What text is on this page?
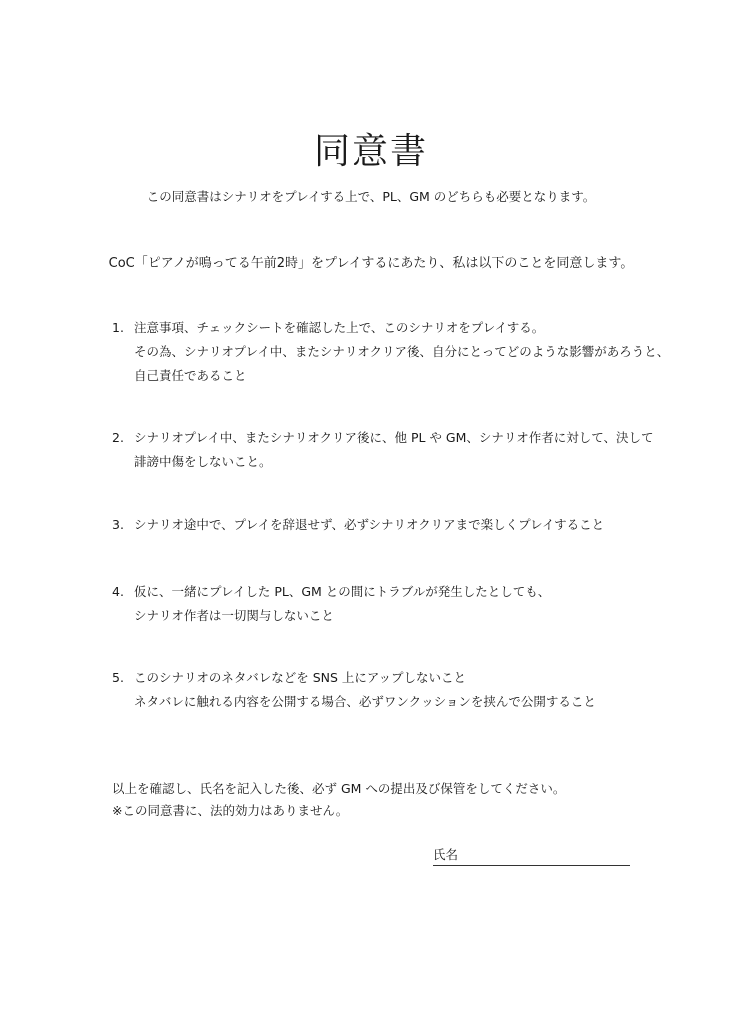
同意書
この同意書はシナリオをプレイする上で、PL、GM のどちらも必要となります。
CoC「ピアノが鳴ってる午前2時」をプレイするにあたり、私は以下のことを同意します。
1. 注意事項、チェックシートを確認した上で、このシナリオをプレイする。
その為、シナリオプレイ中、またシナリオクリア後、自分にとってどのような影響があろうと、
自己責任であること
2. シナリオプレイ中、またシナリオクリア後に、他 PL や GM、シナリオ作者に対して、決して
誹謗中傷をしないこと。
3. シナリオ途中で、プレイを辞退せず、必ずシナリオクリアまで楽しくプレイすること
4. 仮に、一緒にプレイした PL、GM との間にトラブルが発生したとしても、
シナリオ作者は一切関与しないこと
5. このシナリオのネタバレなどを SNS 上にアップしないこと
ネタバレに触れる内容を公開する場合、必ずワンクッションを挟んで公開すること
以上を確認し、氏名を記入した後、必ず GM への提出及び保管をしてください。
※この同意書に、法的効力はありません。
氏名
